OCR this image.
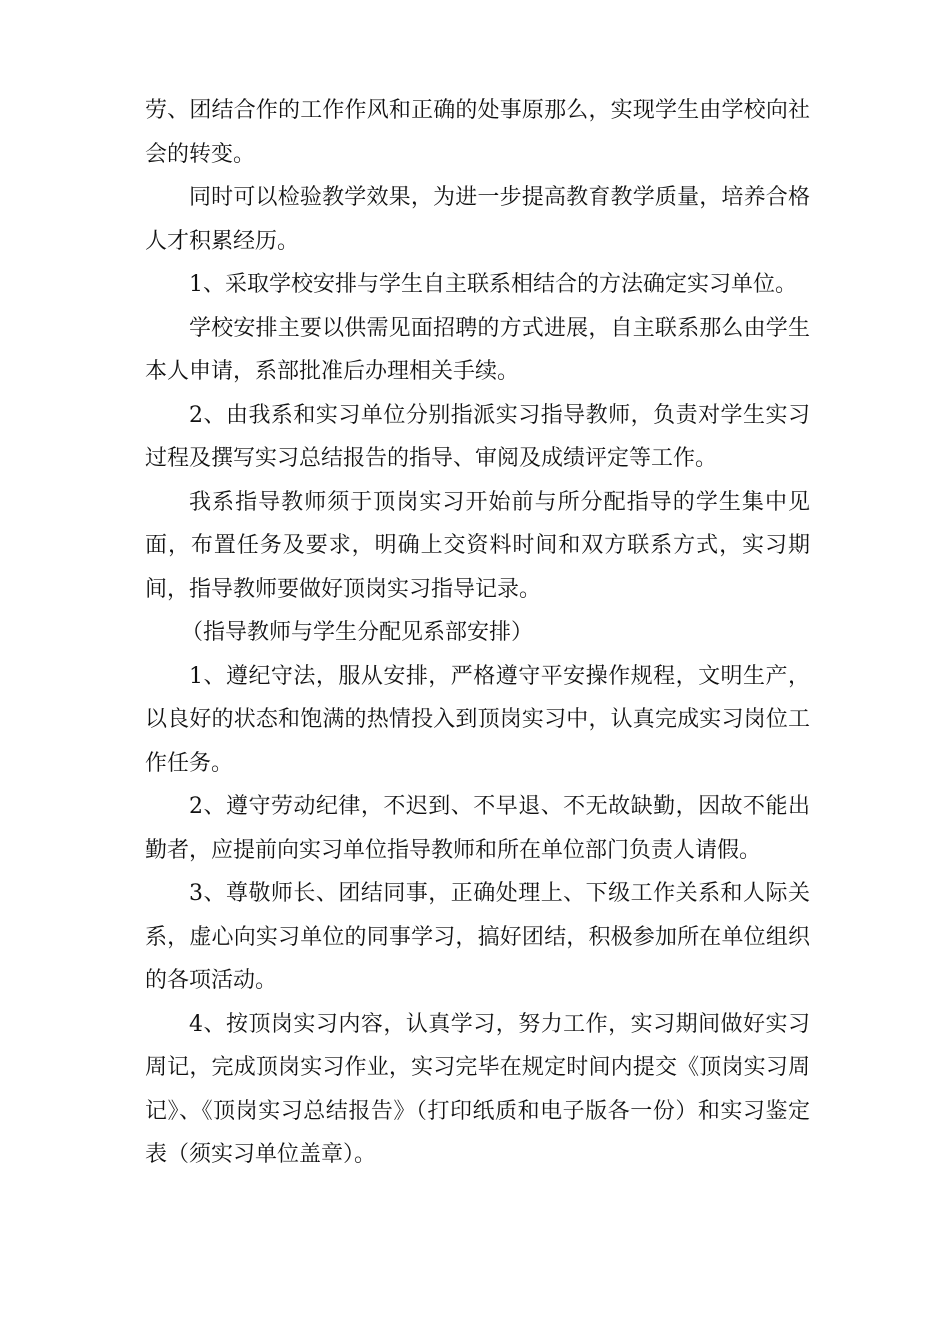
劳、团结合作的工作作风和正确的处事原那么，实现学生由学校向社会的转变。

同时可以检验教学效果，为进一步提高教育教学质量，培养合格人才积累经历。

1、采取学校安排与学生自主联系相结合的方法确定实习单位。

学校安排主要以供需见面招聘的方式进展，自主联系那么由学生本人申请，系部批准后办理相关手续。

2、由我系和实习单位分别指派实习指导教师，负责对学生实习过程及撰写实习总结报告的指导、审阅及成绩评定等工作。

我系指导教师须于顶岗实习开始前与所分配指导的学生集中见面，布置任务及要求，明确上交资料时间和双方联系方式，实习期间，指导教师要做好顶岗实习指导记录。

（指导教师与学生分配见系部安排）

1、遵纪守法，服从安排，严格遵守平安操作规程，文明生产，以良好的状态和饱满的热情投入到顶岗实习中，认真完成实习岗位工作任务。

2、遵守劳动纪律，不迟到、不早退、不无故缺勤，因故不能出勤者，应提前向实习单位指导教师和所在单位部门负责人请假。

3、尊敬师长、团结同事，正确处理上、下级工作关系和人际关系，虚心向实习单位的同事学习，搞好团结，积极参加所在单位组织的各项活动。

4、按顶岗实习内容，认真学习，努力工作，实习期间做好实习周记，完成顶岗实习作业，实习完毕在规定时间内提交《顶岗实习周记》、《顶岗实习总结报告》（打印纸质和电子版各一份）和实习鉴定表（须实习单位盖章）。
